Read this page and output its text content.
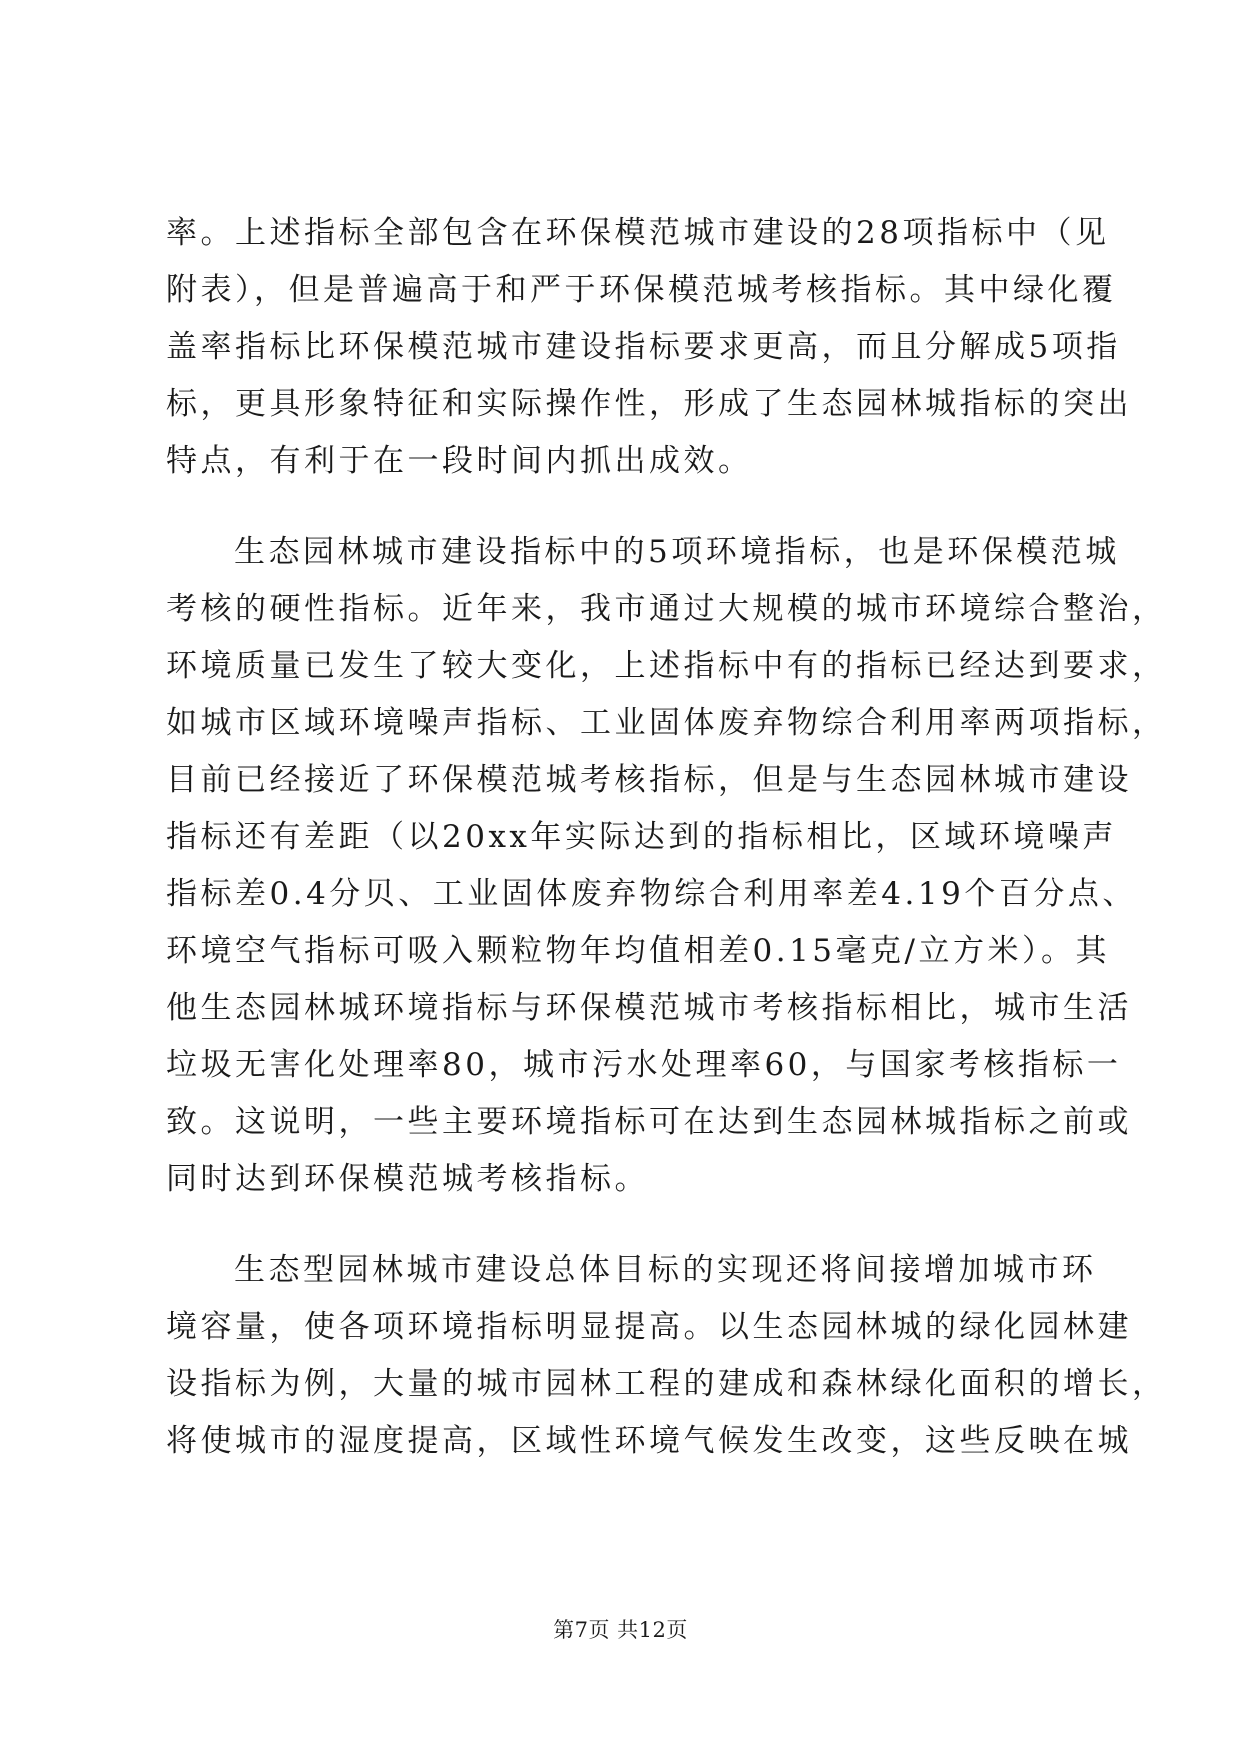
率。上述指标全部包含在环保模范城市建设的28项指标中（见
附表），但是普遍高于和严于环保模范城考核指标。其中绿化覆
盖率指标比环保模范城市建设指标要求更高，而且分解成5项指
标，更具形象特征和实际操作性，形成了生态园林城指标的突出
特点，有利于在一段时间内抓出成效。
生态园林城市建设指标中的5项环境指标，也是环保模范城
考核的硬性指标。近年来，我市通过大规模的城市环境综合整治，
环境质量已发生了较大变化，上述指标中有的指标已经达到要求，
如城市区域环境噪声指标、工业固体废弃物综合利用率两项指标，
目前已经接近了环保模范城考核指标，但是与生态园林城市建设
指标还有差距（以20xx年实际达到的指标相比，区域环境噪声
指标差0.4分贝、工业固体废弃物综合利用率差4.19个百分点、
环境空气指标可吸入颗粒物年均值相差0.15毫克/立方米）。其
他生态园林城环境指标与环保模范城市考核指标相比，城市生活
垃圾无害化处理率80，城市污水处理率60，与国家考核指标一
致。这说明，一些主要环境指标可在达到生态园林城指标之前或
同时达到环保模范城考核指标。
生态型园林城市建设总体目标的实现还将间接增加城市环
境容量，使各项环境指标明显提高。以生态园林城的绿化园林建
设指标为例，大量的城市园林工程的建成和森林绿化面积的增长，
将使城市的湿度提高，区域性环境气候发生改变，这些反映在城
第7页 共12页
